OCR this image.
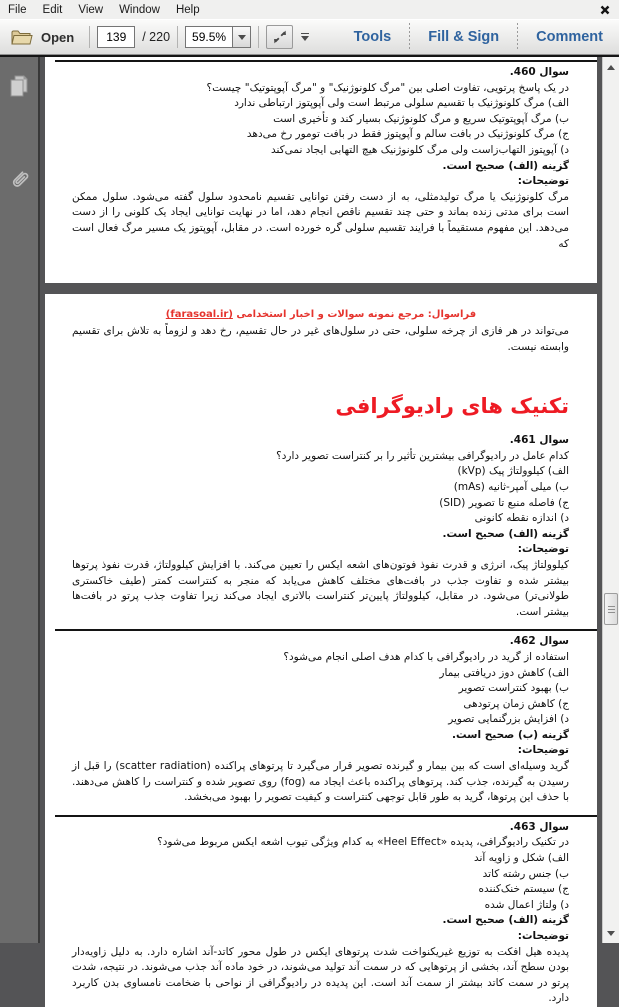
File	Edit	View	Window	Help
Open
139	/ 220	59.5%	Tools	Fill & Sign	Comment
سوال 460.
در یک پاسخ پرتویی، تفاوت اصلی بین "مرگ کلونوژنیک" و "مرگ آپوپتوتیک" چیست؟
الف) مرگ کلونوژنیک با تقسیم سلولی مرتبط است ولی آپوپتوز ارتباطی ندارد
ب) مرگ آپوپتوتیک سریع و مرگ کلونوژنیک بسیار کند و تأخیری است
ج) مرگ کلونوژنیک در بافت سالم و آپوپتوز فقط در بافت تومور رخ می‌دهد
د) آپوپتوز التهاب‌زاست ولی مرگ کلونوژنیک هیچ التهابی ایجاد نمی‌کند
گزینه (الف) صحیح است.
توضیحات:
مرگ کلونوژنیک یا مرگ تولیدمثلی، به از دست رفتن توانایی تقسیم نامحدود سلول گفته می‌شود. سلول ممکن است برای مدتی زنده بماند و حتی چند تقسیم ناقص انجام دهد، اما در نهایت توانایی ایجاد یک کلونی را از دست می‌دهد. این مفهوم مستقیماً با فرایند تقسیم سلولی گره خورده است. در مقابل، آپوپتوز یک مسیر مرگ فعال است که
فراسوال: مرجع نمونه سوالات و اخبار استخدامی (farasoal.ir)
می‌تواند در هر فازی از چرخه سلولی، حتی در سلول‌های غیر در حال تقسیم، رخ دهد و لزوماً به تلاش برای تقسیم وابسته نیست.
تکنیک های رادیوگرافی
سوال 461.
کدام عامل در رادیوگرافی بیشترین تأثیر را بر کنتراست تصویر دارد؟
الف) کیلوولتاژ پیک (kVp)
ب) میلی آمپر-ثانیه (mAs)
ج) فاصله منبع تا تصویر (SID)
د) اندازه نقطه کانونی
گزینه (الف) صحیح است.
توضیحات:
کیلوولتاژ پیک، انرژی و قدرت نفوذ فوتون‌های اشعه ایکس را تعیین می‌کند. با افزایش کیلوولتاژ، قدرت نفوذ پرتوها بیشتر شده و تفاوت جذب در بافت‌های مختلف کاهش می‌یابد که منجر به کنتراست کمتر (طیف خاکستری طولانی‌تر) می‌شود. در مقابل، کیلوولتاژ پایین‌تر کنتراست بالاتری ایجاد می‌کند زیرا تفاوت جذب پرتو در بافت‌ها بیشتر است.
سوال 462.
استفاده از گرید در رادیوگرافی با کدام هدف اصلی انجام می‌شود؟
الف) کاهش دوز دریافتی بیمار
ب) بهبود کنتراست تصویر
ج) کاهش زمان پرتودهی
د) افزایش بزرگنمایی تصویر
گزینه (ب) صحیح است.
توضیحات:
گرید وسیله‌ای است که بین بیمار و گیرنده تصویر قرار می‌گیرد تا پرتوهای پراکنده (scatter radiation) را قبل از رسیدن به گیرنده، جذب کند. پرتوهای پراکنده باعث ایجاد مه (fog) روی تصویر شده و کنتراست را کاهش می‌دهند. با حذف این پرتوها، گرید به طور قابل توجهی کنتراست و کیفیت تصویر را بهبود می‌بخشد.
سوال 463.
در تکنیک رادیوگرافی، پدیده «Heel Effect» به کدام ویژگی تیوب اشعه ایکس مربوط می‌شود؟
الف) شکل و زاویه آند
ب) جنس رشته کاتد
ج) سیستم خنک‌کننده
د) ولتاژ اعمال شده
گزینه (الف) صحیح است.
توضیحات:
پدیده هیل افکت به توزیع غیریکنواخت شدت پرتوهای ایکس در طول محور کاتد-آند اشاره دارد. به دلیل زاویه‌دار بودن سطح آند، بخشی از پرتوهایی که در سمت آند تولید می‌شوند، در خود ماده آند جذب می‌شوند. در نتیجه، شدت پرتو در سمت کاتد بیشتر از سمت آند است. این پدیده در رادیوگرافی از نواحی با ضخامت نامساوی بدن کاربرد دارد.
